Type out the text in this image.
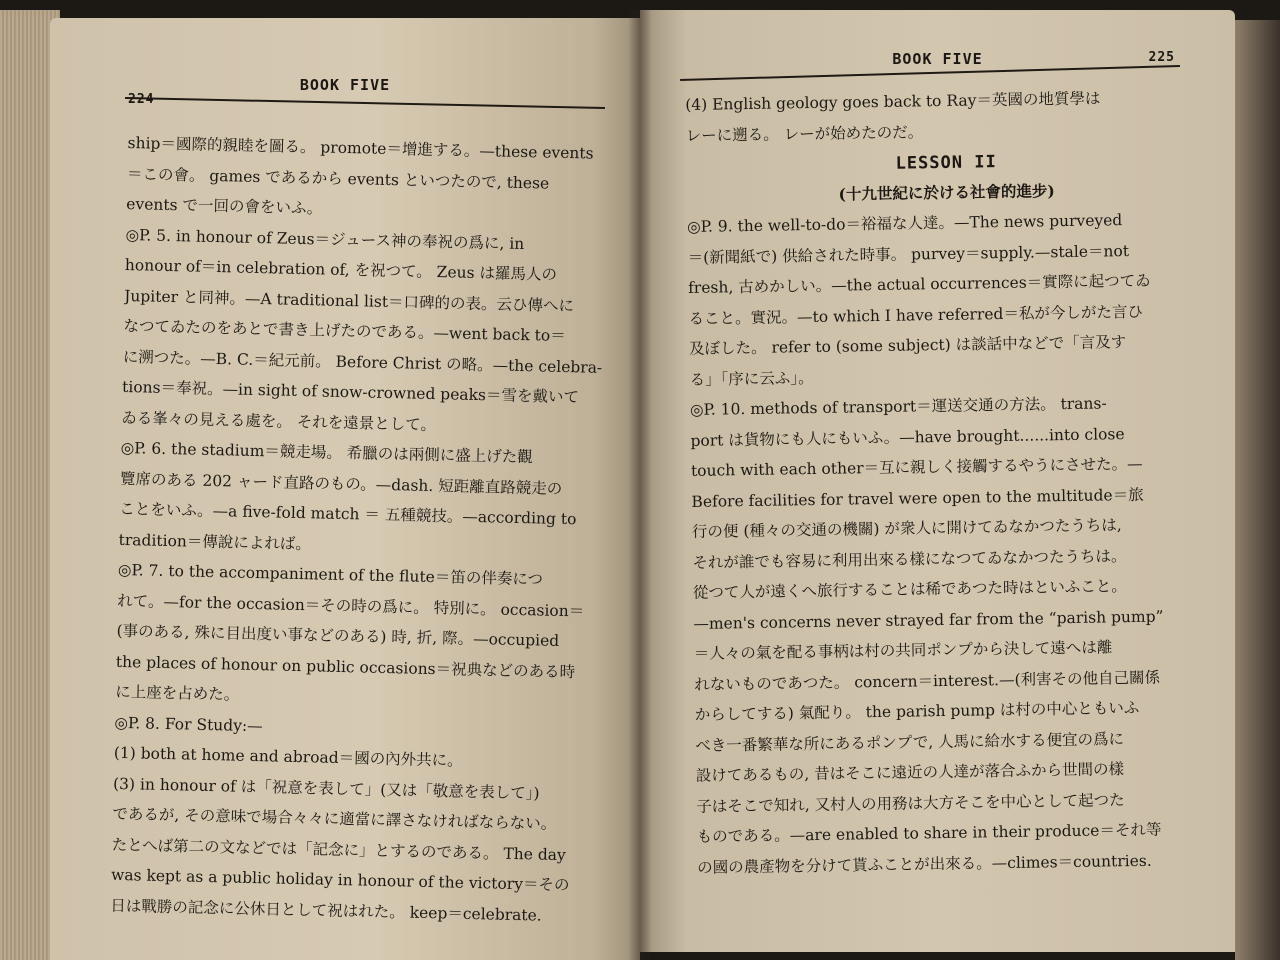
BOOK FIVE
224
ship＝國際的親睦を圖る。 promote＝增進する。—these events
＝この會。 games であるから events といつたので, these
events で一回の會をいふ。
◎P. 5. in honour of Zeus＝ジュース神の奉祝の爲に, in
honour of＝in celebration of, を祝つて。 Zeus は羅馬人の
Jupiter と同神。—A traditional list＝口碑的の表。云ひ傳へに
なつてゐたのをあとで書き上げたのである。—went back to＝
に溯つた。—B. C.＝紀元前。 Before Christ の略。—the celebra-
tions＝奉祝。—in sight of snow-crowned peaks＝雪を戴いて
ゐる峯々の見える處を。 それを遠景として。
◎P. 6. the stadium＝競走場。 希臘のは兩側に盛上げた觀
覽席のある 202 ャード直路のもの。—dash. 短距離直路競走の
ことをいふ。—a five-fold match ＝ 五種競技。—according to
tradition＝傳說によれば。
◎P. 7. to the accompaniment of the flute＝笛の伴奏につ
れて。—for the occasion＝その時の爲に。 特別に。 occasion＝
(事のある, 殊に目出度い事などのある) 時, 折, 際。—occupied
the places of honour on public occasions＝祝典などのある時
に上座を占めた。
◎P. 8. For Study:—
(1) both at home and abroad＝國の內外共に。
(3) in honour of は「祝意を表して」(又は「敬意を表して」)
であるが, その意味で場合々々に適當に譯さなければならない。
たとへば第二の文などでは「記念に」とするのである。 The day
was kept as a public holiday in honour of the victory＝その
日は戰勝の記念に公休日として祝はれた。 keep＝celebrate.
BOOK FIVE	225
(4) English geology goes back to Ray＝英國の地質學は
レーに遡る。 レーが始めたのだ。
LESSON II
(十九世紀に於ける社會的進步)
◎P. 9. the well-to-do＝裕福な人達。—The news purveyed
＝(新聞紙で) 供給された時事。 purvey＝supply.—stale＝not
fresh, 古めかしい。—the actual occurrences＝實際に起つてゐ
ること。實況。—to which I have referred＝私が今しがた言ひ
及ぼした。 refer to (some subject) は談話中などで「言及す
る」「序に云ふ」。
◎P. 10. methods of transport＝運送交通の方法。 trans-
port は貨物にも人にもいふ。—have brought......into close
touch with each other＝互に親しく接觸するやうにさせた。—
Before facilities for travel were open to the multitude＝旅
行の便 (種々の交通の機關) が衆人に開けてゐなかつたうちは,
それが誰でも容易に利用出來る樣になつてゐなかつたうちは。
從つて人が遠くへ旅行することは稀であつた時はといふこと。
—men's concerns never strayed far from the “parish pump”
＝人々の氣を配る事柄は村の共同ポンプから決して遠へは離
れないものであつた。 concern＝interest.—(利害その他自己關係
からしてする) 氣配り。 the parish pump は村の中心ともいふ
べき一番繁華な所にあるポンプで, 人馬に給水する便宜の爲に
設けてあるもの, 昔はそこに遠近の人達が落合ふから世間の樣
子はそこで知れ, 又村人の用務は大方そこを中心として起つた
ものである。—are enabled to share in their produce＝それ等
の國の農產物を分けて貰ふことが出來る。—climes＝countries.
